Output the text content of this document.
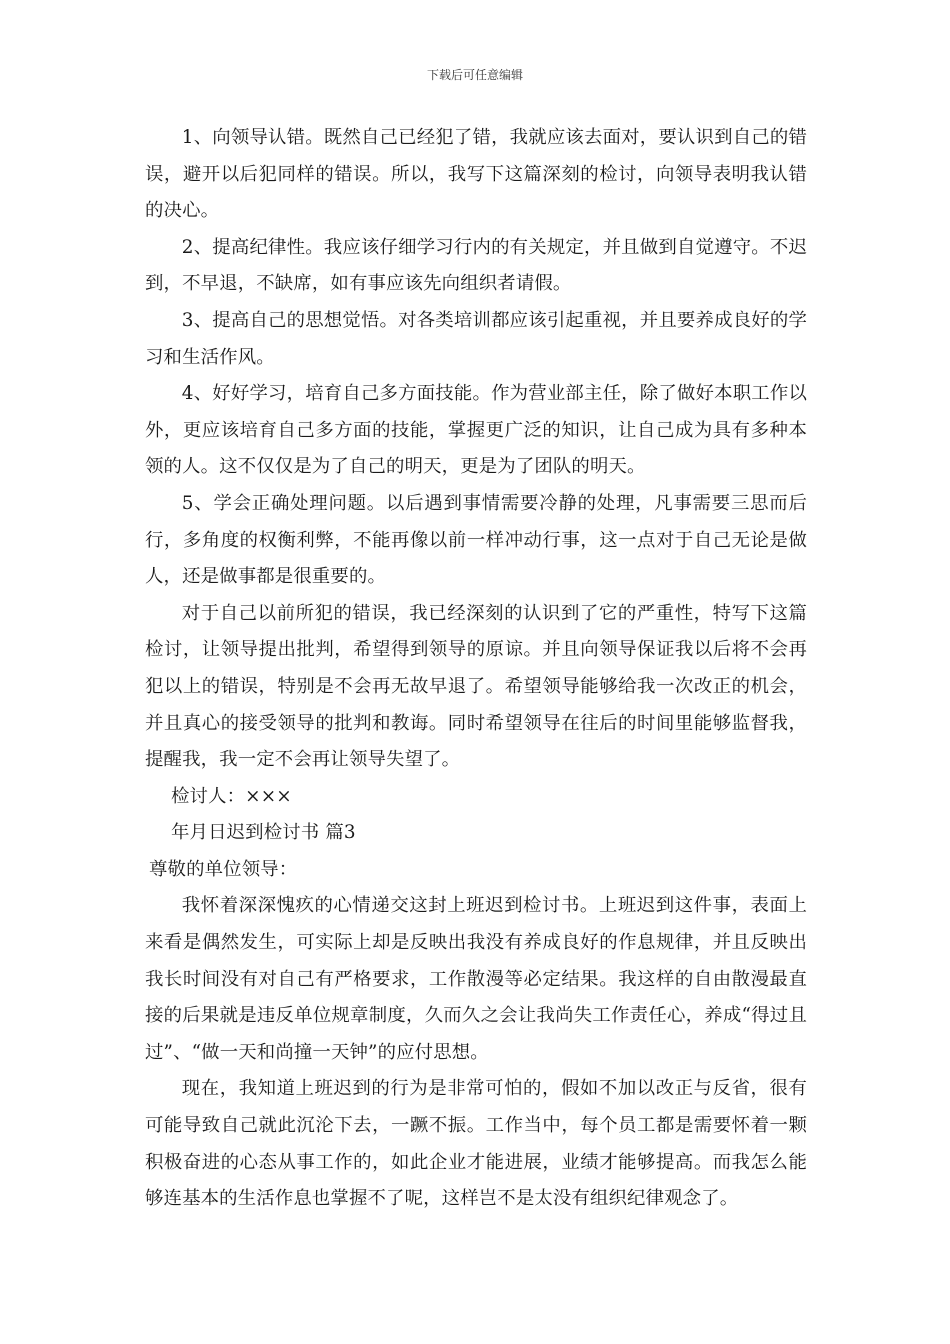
下载后可任意编辑

1、向领导认错。既然自己已经犯了错，我就应该去面对，要认识到自己的错误，避开以后犯同样的错误。所以，我写下这篇深刻的检讨，向领导表明我认错的决心。

2、提高纪律性。我应该仔细学习行内的有关规定，并且做到自觉遵守。不迟到，不早退，不缺席，如有事应该先向组织者请假。

3、提高自己的思想觉悟。对各类培训都应该引起重视，并且要养成良好的学习和生活作风。

4、好好学习，培育自己多方面技能。作为营业部主任，除了做好本职工作以外，更应该培育自己多方面的技能，掌握更广泛的知识，让自己成为具有多种本领的人。这不仅仅是为了自己的明天，更是为了团队的明天。

5、学会正确处理问题。以后遇到事情需要冷静的处理，凡事需要三思而后行，多角度的权衡利弊，不能再像以前一样冲动行事，这一点对于自己无论是做人，还是做事都是很重要的。

对于自己以前所犯的错误，我已经深刻的认识到了它的严重性，特写下这篇检讨，让领导提出批判，希望得到领导的原谅。并且向领导保证我以后将不会再犯以上的错误，特别是不会再无故早退了。希望领导能够给我一次改正的机会，并且真心的接受领导的批判和教诲。同时希望领导在往后的时间里能够监督我，提醒我，我一定不会再让领导失望了。

检讨人：×××

年月日迟到检讨书 篇3

尊敬的单位领导：

我怀着深深愧疚的心情递交这封上班迟到检讨书。上班迟到这件事，表面上来看是偶然发生，可实际上却是反映出我没有养成良好的作息规律，并且反映出我长时间没有对自己有严格要求，工作散漫等必定结果。我这样的自由散漫最直接的后果就是违反单位规章制度，久而久之会让我尚失工作责任心，养成“得过且过”、“做一天和尚撞一天钟”的应付思想。

现在，我知道上班迟到的行为是非常可怕的，假如不加以改正与反省，很有可能导致自己就此沉沦下去，一蹶不振。工作当中，每个员工都是需要怀着一颗积极奋进的心态从事工作的，如此企业才能进展，业绩才能够提高。而我怎么能够连基本的生活作息也掌握不了呢，这样岂不是太没有组织纪律观念了。
